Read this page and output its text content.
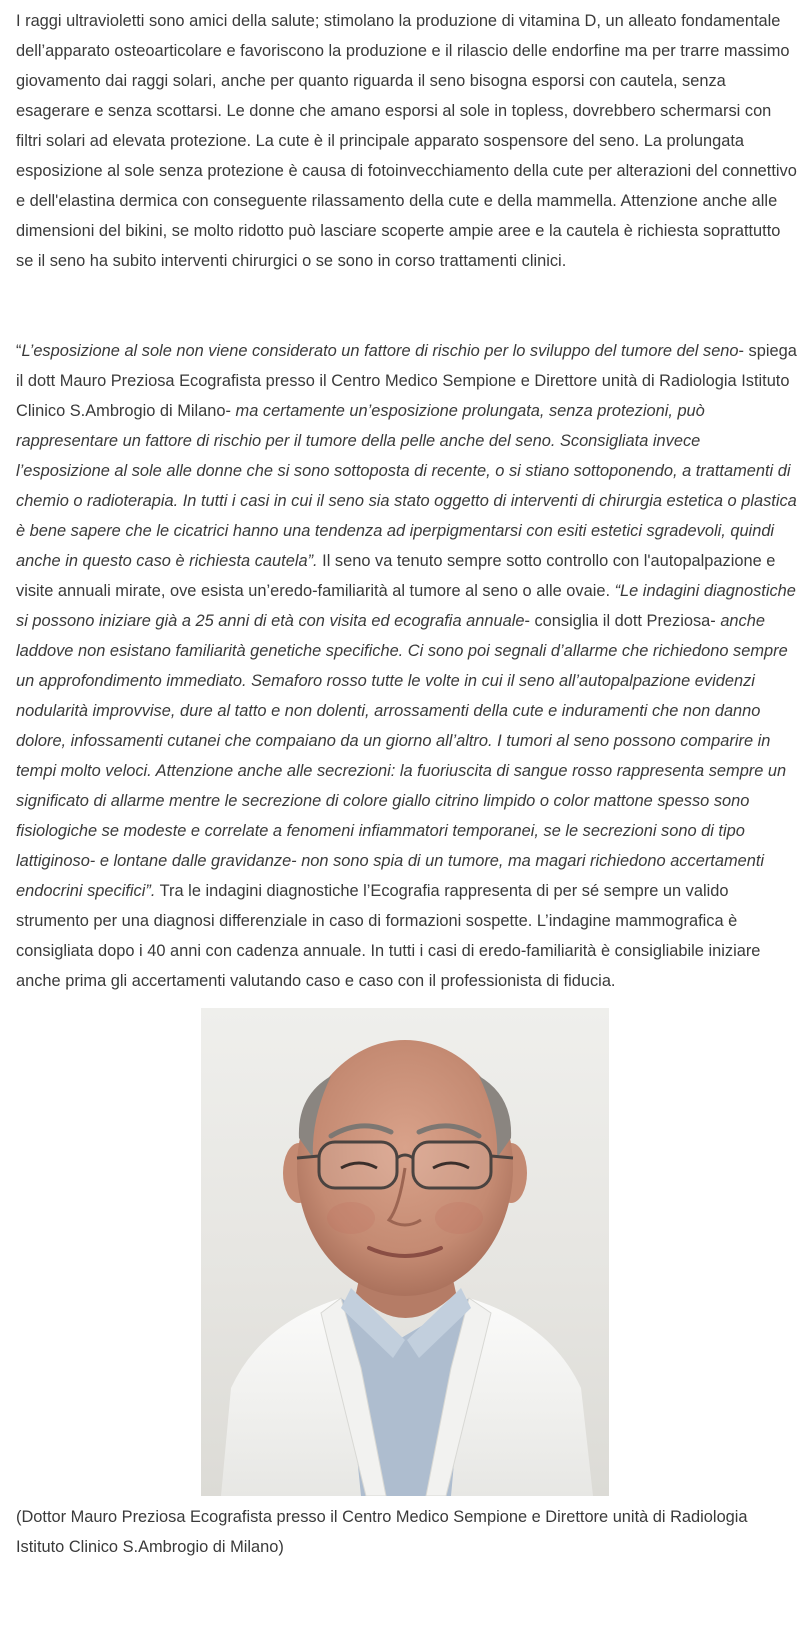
I raggi ultravioletti sono amici della salute; stimolano la produzione di vitamina D, un alleato fondamentale dell’apparato osteoarticolare e favoriscono la produzione e il rilascio delle endorfine ma per trarre massimo giovamento dai raggi solari, anche per quanto riguarda il seno bisogna esporsi con cautela, senza esagerare e senza scottarsi. Le donne che amano esporsi al sole in topless, dovrebbero schermarsi con filtri solari ad elevata protezione. La cute è il principale apparato sospensore del seno. La prolungata esposizione al sole senza protezione è causa di fotoinvecchiamento della cute per alterazioni del connettivo e dell'elastina dermica con conseguente rilassamento della cute e della mammella. Attenzione anche alle dimensioni del bikini, se molto ridotto può lasciare scoperte ampie aree e la cautela è richiesta soprattutto se il seno ha subito interventi chirurgici o se sono in corso trattamenti clinici.

“L’esposizione al sole non viene considerato un fattore di rischio per lo sviluppo del tumore del seno- spiega il dott Mauro Preziosa Ecografista presso il Centro Medico Sempione e Direttore unità di Radiologia Istituto Clinico S.Ambrogio di Milano- ma certamente un’esposizione prolungata, senza protezioni, può rappresentare un fattore di rischio per il tumore della pelle anche del seno. Sconsigliata invece l’esposizione al sole alle donne che si sono sottoposta di recente, o si stiano sottoponendo, a trattamenti di chemio o radioterapia. In tutti i casi in cui il seno sia stato oggetto di interventi di chirurgia estetica o plastica è bene sapere che le cicatrici hanno una tendenza ad iperpigmentarsi con esiti estetici sgradevoli, quindi anche in questo caso è richiesta cautela”. Il seno va tenuto sempre sotto controllo con l'autopalpazione e visite annuali mirate, ove esista un’eredo-familiarità al tumore al seno o alle ovaie. “Le indagini diagnostiche si possono iniziare già a 25 anni di età con visita ed ecografia annuale- consiglia il dott Preziosa- anche laddove non esistano familiarità genetiche specifiche. Ci sono poi segnali d’allarme che richiedono sempre un approfondimento immediato. Semaforo rosso tutte le volte in cui il seno all’autopalpazione evidenzi nodularità improvvise, dure al tatto e non dolenti, arrossamenti della cute e induramenti che non danno dolore, infossamenti cutanei che compaiano da un giorno all’altro. I tumori al seno possono comparire in tempi molto veloci. Attenzione anche alle secrezioni: la fuoriuscita di sangue rosso rappresenta sempre un significato di allarme mentre le secrezione di colore giallo citrino limpido o color mattone spesso sono fisiologiche se modeste e correlate a fenomeni infiammatori temporanei, se le secrezioni sono di tipo lattiginoso- e lontane dalle gravidanze- non sono spia di un tumore, ma magari richiedono accertamenti endocrini specifici”. Tra le indagini diagnostiche l’Ecografia rappresenta di per sé sempre un valido strumento per una diagnosi differenziale in caso di formazioni sospette. L’indagine mammografica è consigliata dopo i 40 anni con cadenza annuale. In tutti i casi di eredo-familiarità è consigliabile iniziare anche prima gli accertamenti valutando caso e caso con il professionista di fiducia.

(Dottor Mauro Preziosa Ecografista presso il Centro Medico Sempione e Direttore unità di Radiologia Istituto Clinico S.Ambrogio di Milano)
